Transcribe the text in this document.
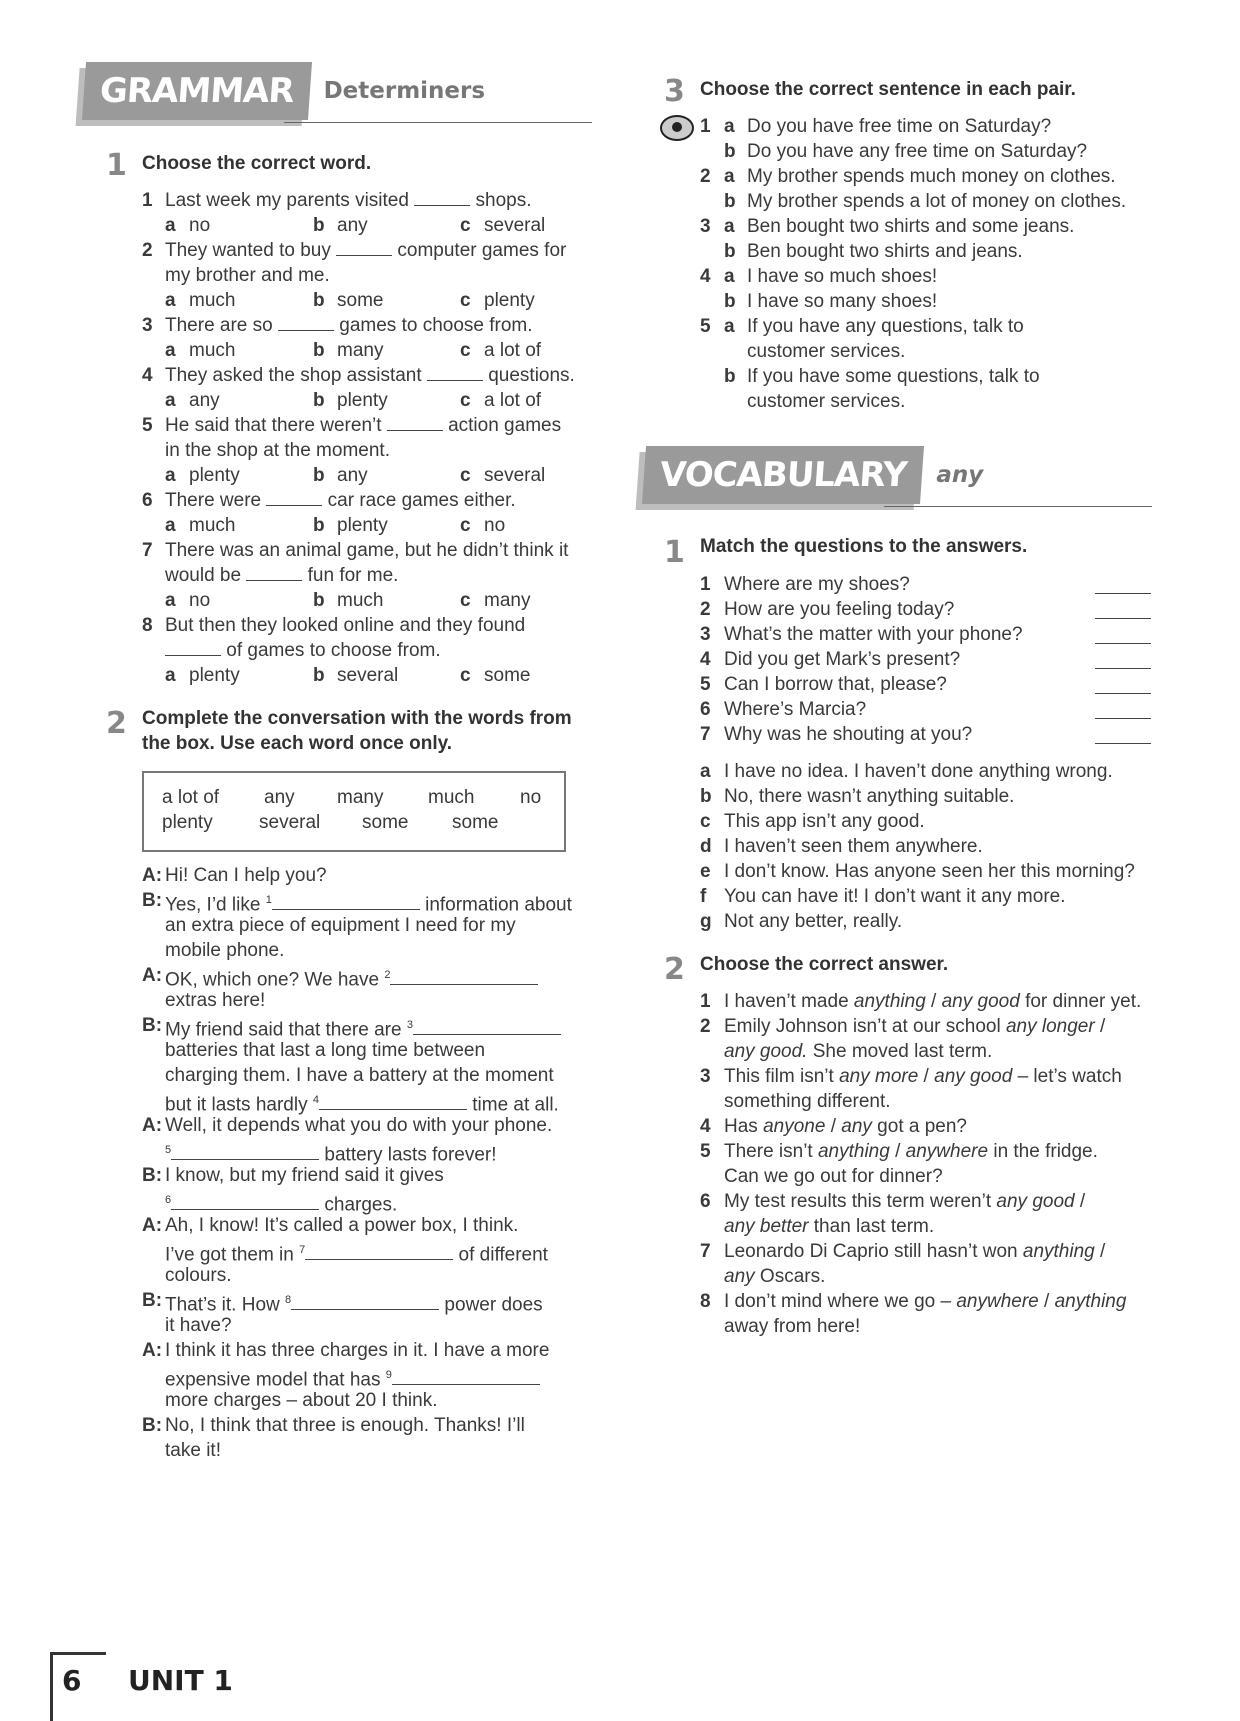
GRAMMAR	Determiners
1 Choose the correct word.
Last week my parents visited	shops.
1
a no	b any	c several
They wanted to buy	computer games for
2
my brother and me.
a much	b some	c plenty
There are so	games to choose from.
3
a much	b many	c a lot of
They asked the shop assistant	questions.
4
a any	b plenty	c a lot of
He said that there weren’t	action games
5
in the shop at the moment.
a plenty	b any	c several
There were	car race games either.
6
a much	b plenty	c no
There was an animal game, but he didn’t think it
7
would be	fun for me.
a no	b much	c many
But then they looked online and they found
8
of games to choose from.
a plenty	b several	c some
2 Complete the conversation with the words from
the box. Use each word once only.
a lot of any many much no
plenty several some some
A: Hi! Can I help you?
B: Yes, I’d like $^1$	information about
an extra piece of equipment I need for my
mobile phone.
A: OK, which one? We have $^2$
extras here!
B: My friend said that there are $^3$
batteries that last a long time between
charging them. I have a battery at the moment
but it lasts hardly $^4$	time at all.
A: Well, it depends what you do with your phone.
$^5$	battery lasts forever!
B: I know, but my friend said it gives
$^6$	charges.
A: Ah, I know! It’s called a power box, I think.
I’ve got them in $^7$	of different
colours.
B: That’s it. How $^8$	power does
it have?
A: I think it has three charges in it. I have a more
expensive model that has $^9$
more charges – about 20 I think.
B: No, I think that three is enough. Thanks! I’ll
take it!
3 Choose the correct sentence in each pair.
1 a Do you have free time on Saturday?
b Do you have any free time on Saturday?
2 a My brother spends much money on clothes.
b My brother spends a lot of money on clothes.
3 a Ben bought two shirts and some jeans.
b Ben bought two shirts and jeans.
4 a I have so much shoes!
b I have so many shoes!
5 a If you have any questions, talk to
customer services.
b If you have some questions, talk to
customer services.
VOCABULARY	any
1 Match the questions to the answers.
1 Where are my shoes?
2 How are you feeling today?
3 What’s the matter with your phone?
4 Did you get Mark’s present?
5 Can I borrow that, please?
6 Where’s Marcia?
7 Why was he shouting at you?
a I have no idea. I haven’t done anything wrong.
b No, there wasn’t anything suitable.
c This app isn’t any good.
d I haven’t seen them anywhere.
e I don’t know. Has anyone seen her this morning?
f You can have it! I don’t want it any more.
g Not any better, really.
2 Choose the correct answer.
1 I haven’t made anything / any good for dinner yet.
2 Emily Johnson isn’t at our school any longer /
any good. She moved last term.
3 This film isn’t any more / any good – let’s watch
something different.
4 Has anyone / any got a pen?
5 There isn’t anything / anywhere in the fridge.
Can we go out for dinner?
6 My test results this term weren’t any good /
any better than last term.
7 Leonardo Di Caprio still hasn’t won anything /
any Oscars.
8 I don’t mind where we go – anywhere / anything
away from here!
6 UNIT 1
